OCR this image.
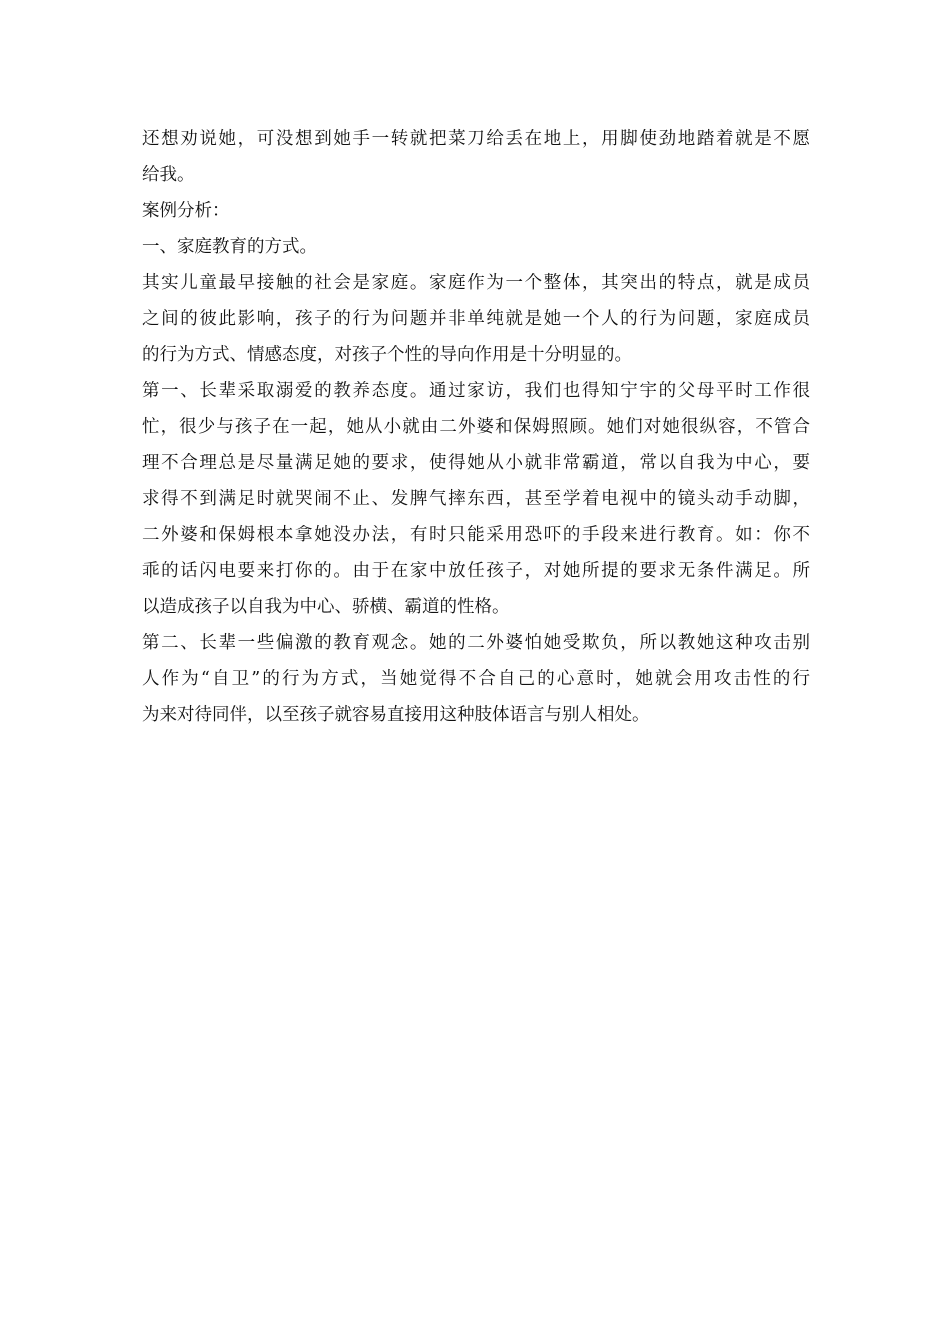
还想劝说她，可没想到她手一转就把菜刀给丢在地上，用脚使劲地踏着就是不愿
给我。
案例分析：
一、家庭教育的方式。
其实儿童最早接触的社会是家庭。家庭作为一个整体，其突出的特点，就是成员
之间的彼此影响，孩子的行为问题并非单纯就是她一个人的行为问题，家庭成员
的行为方式、情感态度，对孩子个性的导向作用是十分明显的。
第一、长辈采取溺爱的教养态度。通过家访，我们也得知宁宇的父母平时工作很
忙，很少与孩子在一起，她从小就由二外婆和保姆照顾。她们对她很纵容，不管合
理不合理总是尽量满足她的要求，使得她从小就非常霸道，常以自我为中心，要
求得不到满足时就哭闹不止、发脾气摔东西，甚至学着电视中的镜头动手动脚，
二外婆和保姆根本拿她没办法，有时只能采用恐吓的手段来进行教育。如：你不
乖的话闪电要来打你的。由于在家中放任孩子，对她所提的要求无条件满足。所
以造成孩子以自我为中心、骄横、霸道的性格。
第二、长辈一些偏激的教育观念。她的二外婆怕她受欺负，所以教她这种攻击别
人作为“自卫”的行为方式，当她觉得不合自己的心意时，她就会用攻击性的行
为来对待同伴，以至孩子就容易直接用这种肢体语言与别人相处。
